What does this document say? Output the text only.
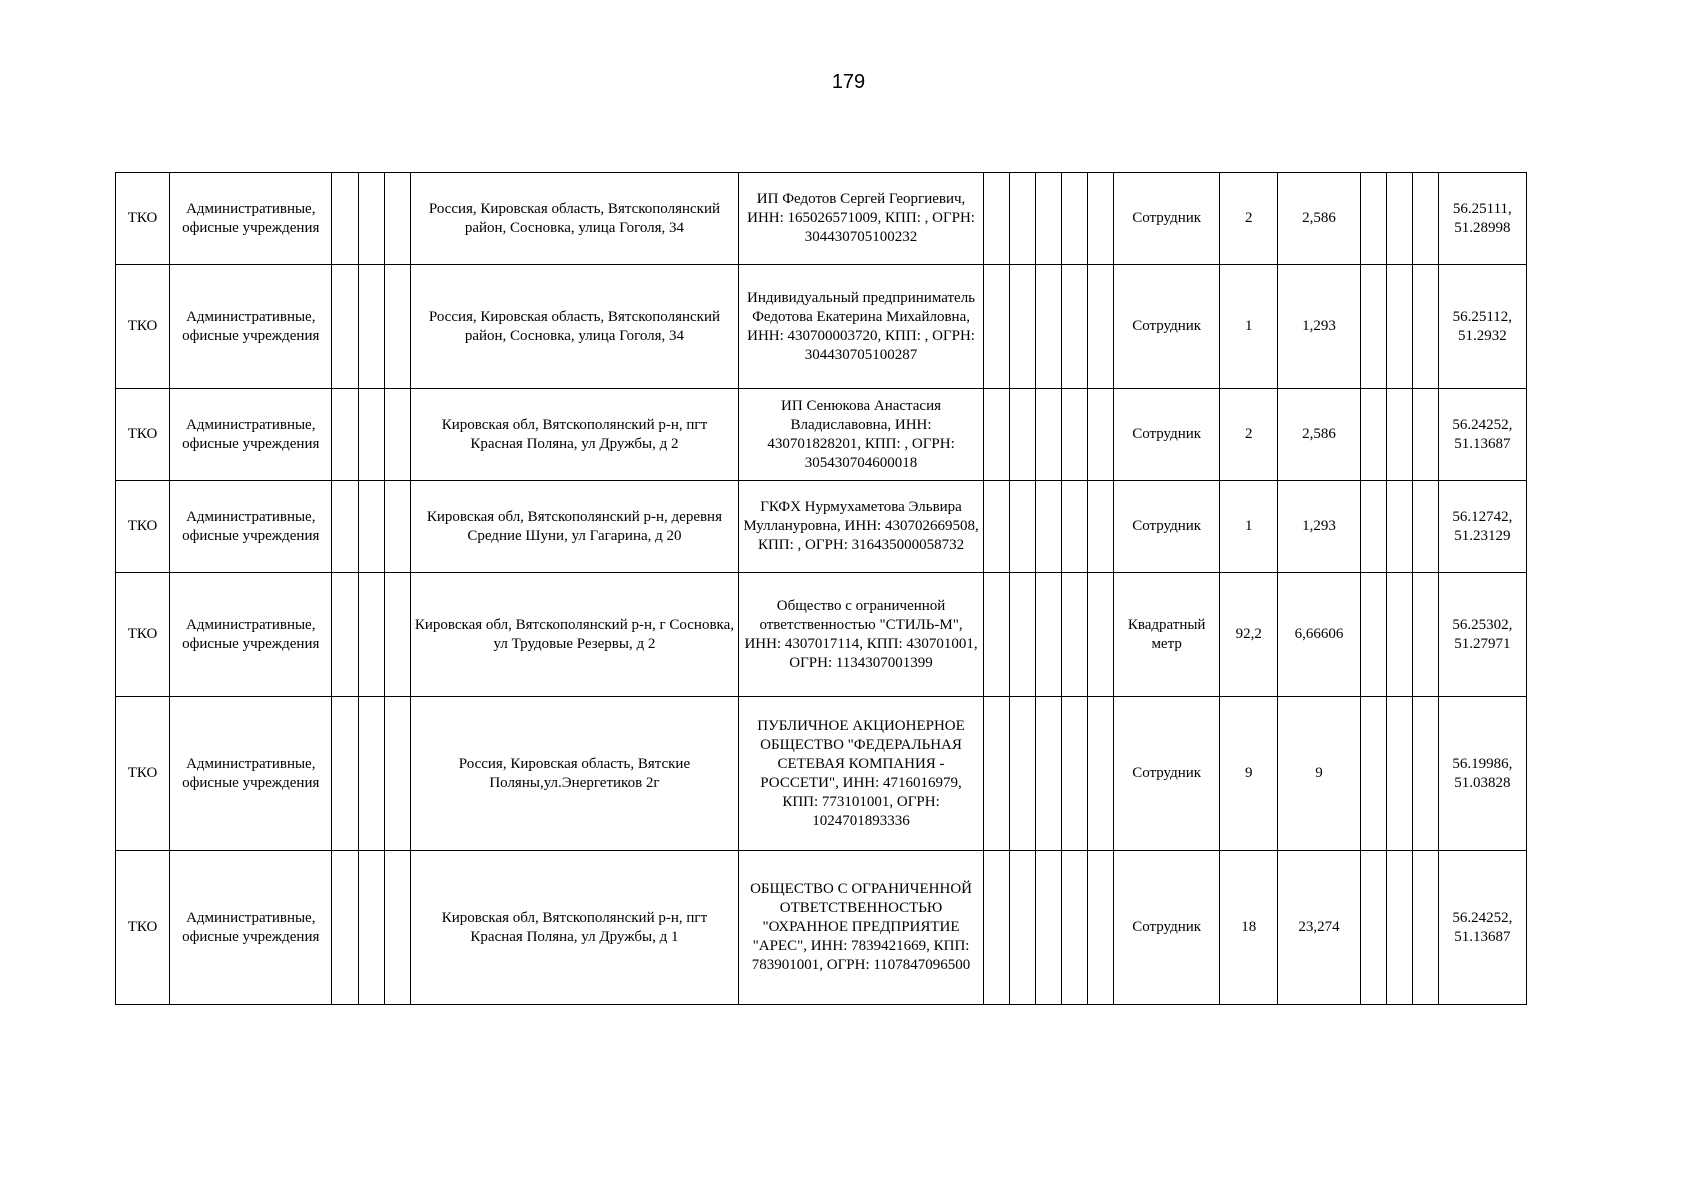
179
ТКО	Административные, офисные учреждения				Россия, Кировская область, Вятскополянский район, Сосновка, улица Гоголя, 34	ИП Федотов Сергей Георгиевич, ИНН: 165026571009, КПП: , ОГРН: 304430705100232						Сотрудник	2	2,586				56.25111, 51.28998
ТКО	Административные, офисные учреждения				Россия, Кировская область, Вятскополянский район, Сосновка, улица Гоголя, 34	Индивидуальный предприниматель Федотова Екатерина Михайловна, ИНН: 430700003720, КПП: , ОГРН: 304430705100287						Сотрудник	1	1,293				56.25112, 51.2932
ТКО	Административные, офисные учреждения				Кировская обл, Вятскополянский р-н, пгт Красная Поляна, ул Дружбы, д 2	ИП Сенюкова Анастасия Владиславовна, ИНН: 430701828201, КПП: , ОГРН: 305430704600018						Сотрудник	2	2,586				56.24252, 51.13687
ТКО	Административные, офисные учреждения				Кировская обл, Вятскополянский р-н, деревня Средние Шуни, ул Гагарина, д 20	ГКФХ Нурмухаметова Эльвира Муллануровна, ИНН: 430702669508, КПП: , ОГРН: 316435000058732						Сотрудник	1	1,293				56.12742, 51.23129
ТКО	Административные, офисные учреждения				Кировская обл, Вятскополянский р-н, г Сосновка, ул Трудовые Резервы, д 2	Общество с ограниченной ответственностью "СТИЛЬ-М", ИНН: 4307017114, КПП: 430701001, ОГРН: 1134307001399						Квадратный метр	92,2	6,66606				56.25302, 51.27971
ТКО	Административные, офисные учреждения				Россия, Кировская область, Вятские Поляны,ул.Энергетиков 2г	ПУБЛИЧНОЕ АКЦИОНЕРНОЕ ОБЩЕСТВО "ФЕДЕРАЛЬНАЯ СЕТЕВАЯ КОМПАНИЯ - РОССЕТИ", ИНН: 4716016979, КПП: 773101001, ОГРН: 1024701893336						Сотрудник	9	9				56.19986, 51.03828
ТКО	Административные, офисные учреждения				Кировская обл, Вятскополянский р-н, пгт Красная Поляна, ул Дружбы, д 1	ОБЩЕСТВО С ОГРАНИЧЕННОЙ ОТВЕТСТВЕННОСТЬЮ "ОХРАННОЕ ПРЕДПРИЯТИЕ "АРЕС", ИНН: 7839421669, КПП: 783901001, ОГРН: 1107847096500						Сотрудник	18	23,274				56.24252, 51.13687
